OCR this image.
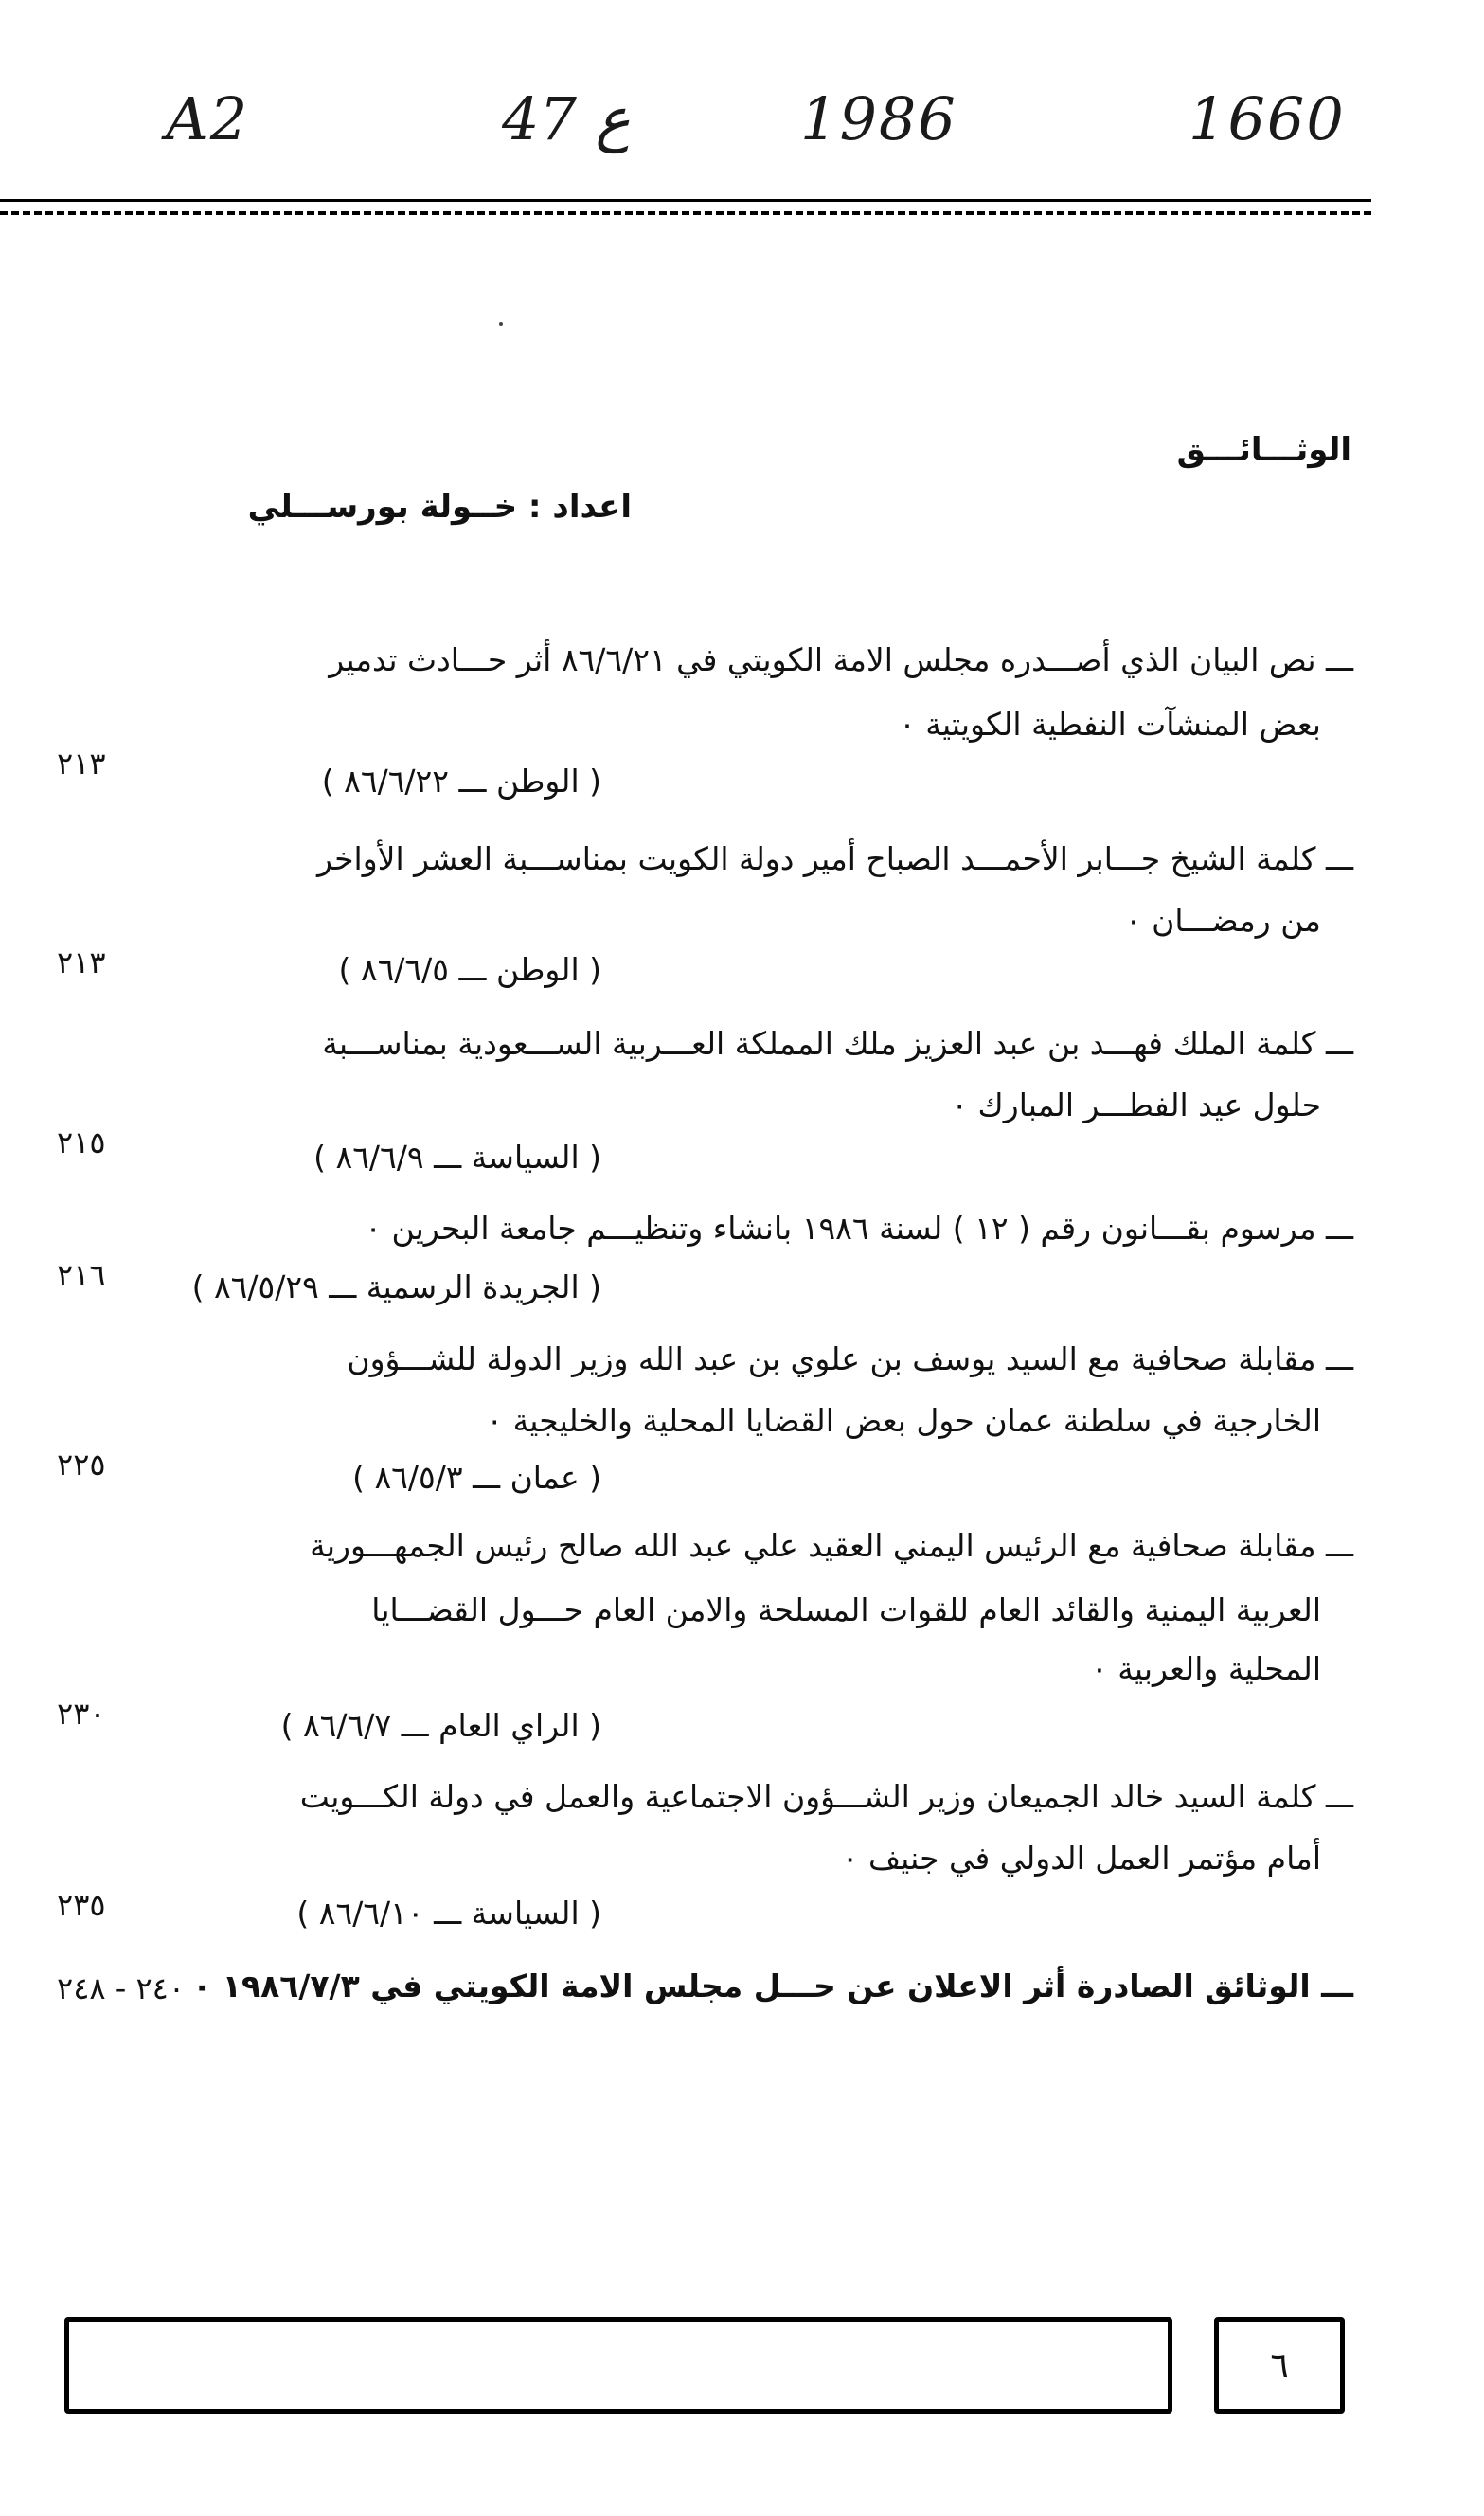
A2	ع 47	1986	1660
الوثـــائـــق
اعداد : خــولة بورســـلي
ـــ نص البيان الذي أصـــدره مجلس الامة الكويتي في ٨٦/٦/٢١ أثر حـــادث تدمير
بعض المنشآت النفطية الكويتية ٠
( الوطن ـــ ٨٦/٦/٢٢ )
٢١٣
ـــ كلمة الشيخ جـــابر الأحمـــد الصباح أمير دولة الكويت بمناســـبة العشر الأواخر
من رمضـــان ٠
( الوطن ـــ ٨٦/٦/٥ )
٢١٣
ـــ كلمة الملك فهـــد بن عبد العزيز ملك المملكة العـــربية الســـعودية بمناســـبة
حلول عيد الفطـــر المبارك ٠
( السياسة ـــ ٨٦/٦/٩ )
٢١٥
ـــ مرسوم بقـــانون رقم ( ١٢ ) لسنة ١٩٨٦ بانشاء وتنظيـــم جامعة البحرين ٠
( الجريدة الرسمية ـــ ٨٦/٥/٢٩ )
٢١٦
ـــ مقابلة صحافية مع السيد يوسف بن علوي بن عبد الله وزير الدولة للشـــؤون
الخارجية في سلطنة عمان حول بعض القضايا المحلية والخليجية ٠
( عمان ـــ ٨٦/٥/٣ )
٢٢٥
ـــ مقابلة صحافية مع الرئيس اليمني العقيد علي عبد الله صالح رئيس الجمهـــورية
العربية اليمنية والقائد العام للقوات المسلحة والامن العام حـــول القضـــايا
المحلية والعربية ٠
( الراي العام ـــ ٨٦/٦/٧ )
٢٣٠
ـــ كلمة السيد خالد الجميعان وزير الشـــؤون الاجتماعية والعمل في دولة الكـــويت
أمام مؤتمر العمل الدولي في جنيف ٠
( السياسة ـــ ٨٦/٦/١٠ )
٢٣٥
ـــ الوثائق الصادرة أثر الاعلان عن حـــل مجلس الامة الكويتي في ١٩٨٦/٧/٣ ٠
٢٤٠ - ٢٤٨
٦
